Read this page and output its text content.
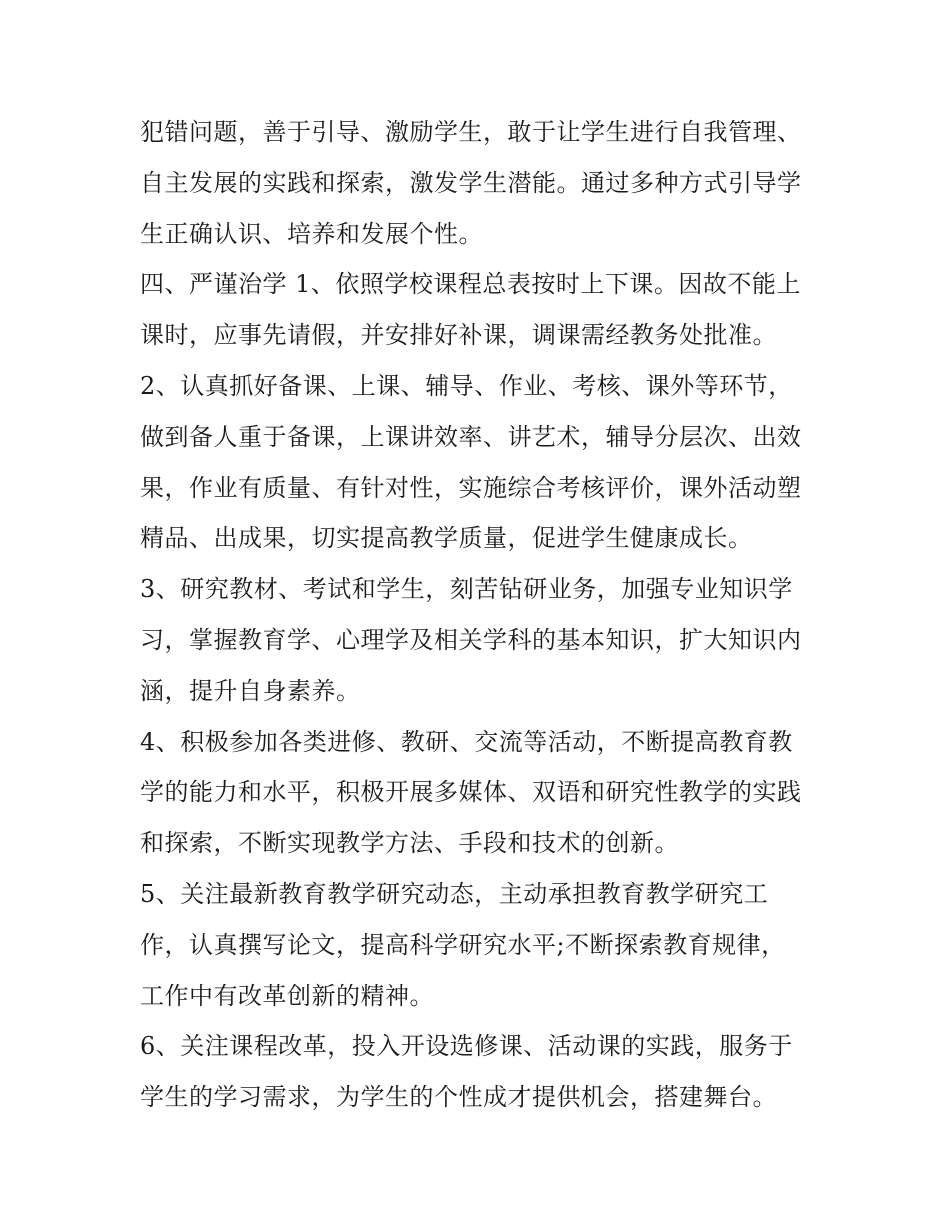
犯错问题，善于引导、激励学生，敢于让学生进行自我管理、
自主发展的实践和探索，激发学生潜能。通过多种方式引导学
生正确认识、培养和发展个性。
四、严谨治学 1、依照学校课程总表按时上下课。因故不能上
课时，应事先请假，并安排好补课，调课需经教务处批准。
2、认真抓好备课、上课、辅导、作业、考核、课外等环节，
做到备人重于备课，上课讲效率、讲艺术，辅导分层次、出效
果，作业有质量、有针对性，实施综合考核评价，课外活动塑
精品、出成果，切实提高教学质量，促进学生健康成长。
3、研究教材、考试和学生，刻苦钻研业务，加强专业知识学
习，掌握教育学、心理学及相关学科的基本知识，扩大知识内
涵，提升自身素养。
4、积极参加各类进修、教研、交流等活动，不断提高教育教
学的能力和水平，积极开展多媒体、双语和研究性教学的实践
和探索，不断实现教学方法、手段和技术的创新。
5、关注最新教育教学研究动态，主动承担教育教学研究工
作，认真撰写论文，提高科学研究水平;不断探索教育规律，
工作中有改革创新的精神。
6、关注课程改革，投入开设选修课、活动课的实践，服务于
学生的学习需求，为学生的个性成才提供机会，搭建舞台。
